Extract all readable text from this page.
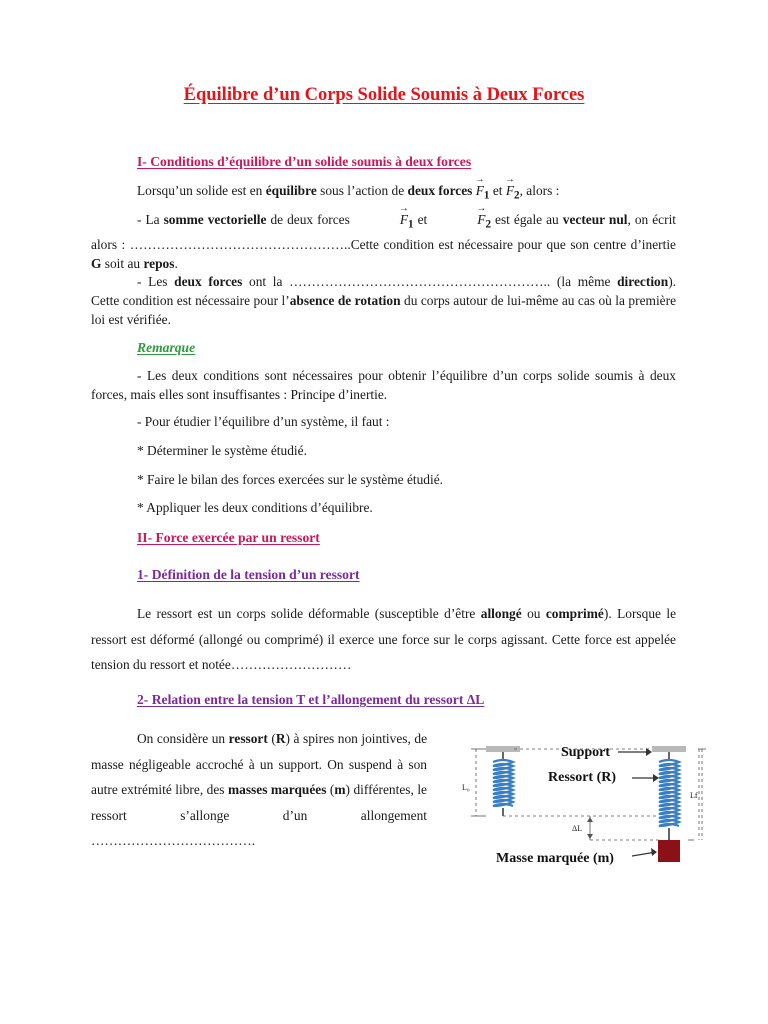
Équilibre d’un Corps Solide Soumis à Deux Forces
I- Conditions d’équilibre d’un solide soumis à deux forces
Lorsqu’un solide est en équilibre sous l’action de deux forces → $F_1$ et → $F_2$, alors :
- La somme vectorielle de deux forces	→ $F_1$ et	→ $F_2$ est égale au vecteur nul, on écrit alors : …………………………………………..Cette condition est nécessaire pour que son centre d’inertie G soit au repos.
- Les deux forces ont la ………………………………………………….. (la même direction). Cette condition est nécessaire pour l’absence de rotation du corps autour de lui-même au cas où la première loi est vérifiée.
Remarque
- Les deux conditions sont nécessaires pour obtenir l’équilibre d’un corps solide soumis à deux forces, mais elles sont insuffisantes : Principe d’inertie.
- Pour étudier l’équilibre d’un système, il faut :
* Déterminer le système étudié.
* Faire le bilan des forces exercées sur le système étudié.
* Appliquer les deux conditions d’équilibre.
II- Force exercée par un ressort
1- Définition de la tension d’un ressort
Le ressort est un corps solide déformable (susceptible d’être allongé ou comprimé). Lorsque le ressort est déformé (allongé ou comprimé) il exerce une force sur le corps agissant. Cette force est appelée tension du ressort et notée………………………
2- Relation entre la tension T et l’allongement du ressort ΔL
On considère un ressort (R) à spires non jointives, de masse négligeable accroché à un support. On suspend à son autre extrémité libre, des masses marquées (m) différentes, le ressort s’allonge d’un allongement ……………………………….
Support
Ressort (R)
ΔL
L₀
Lf
Masse marquée (m)
